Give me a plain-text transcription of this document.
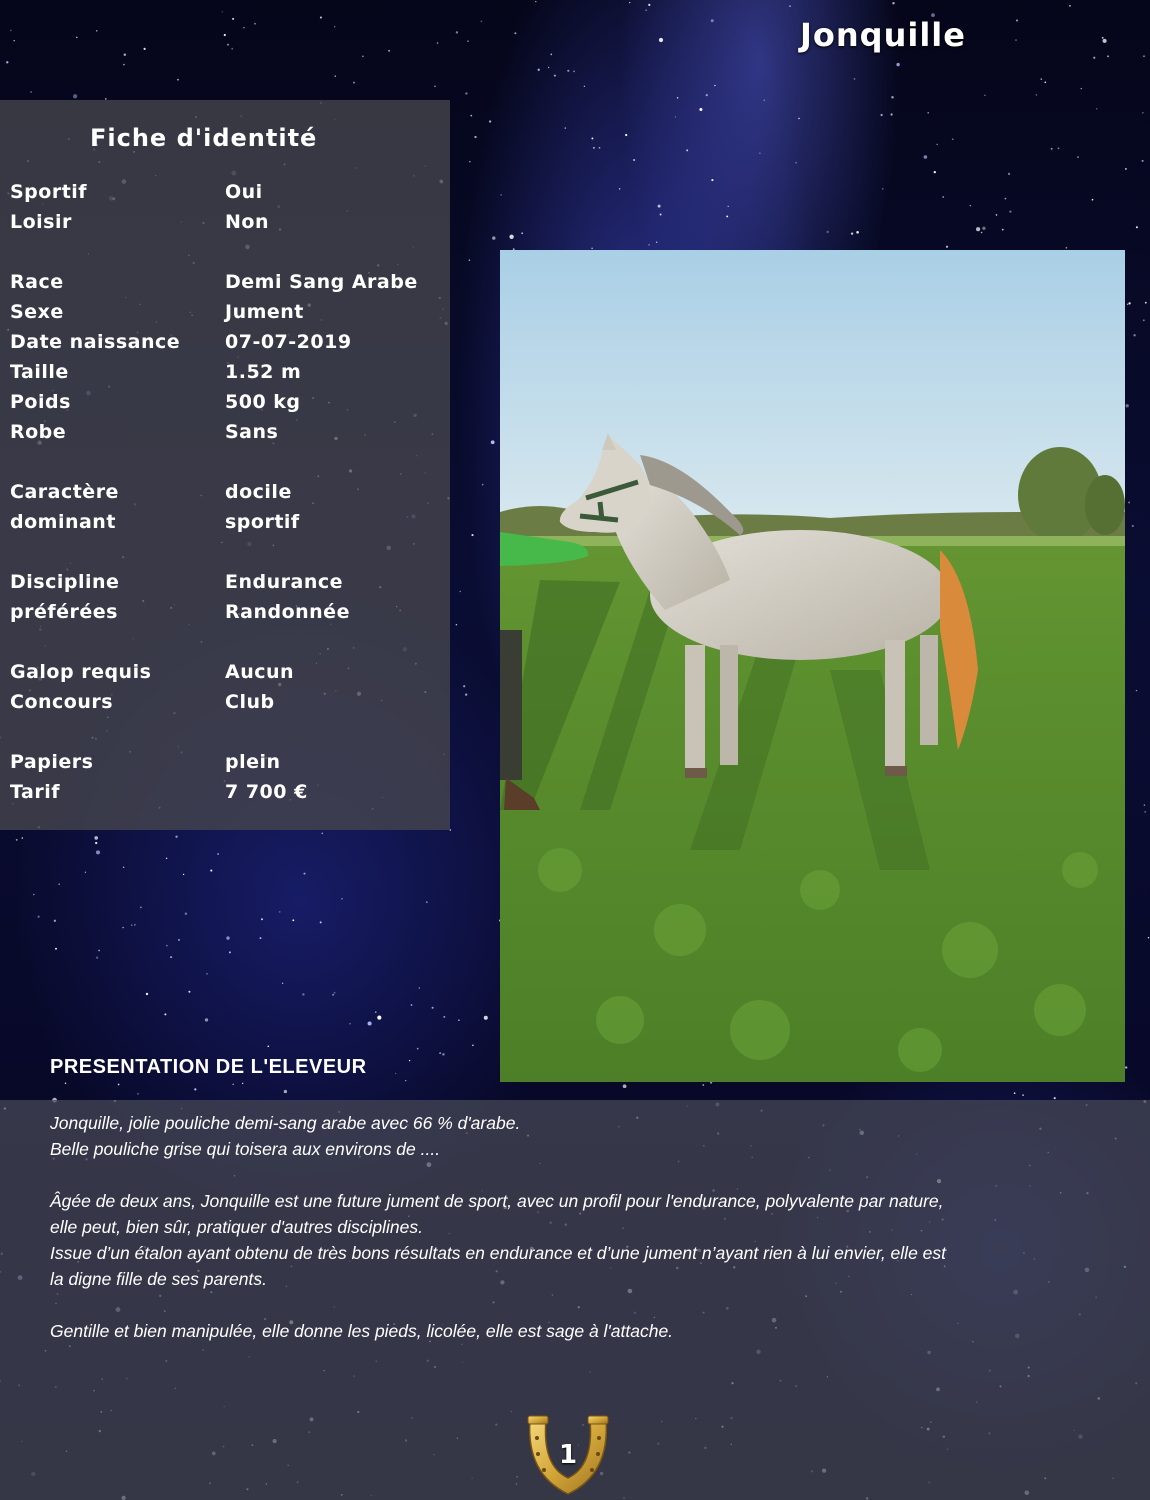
Jonquille
Fiche d'identité
Sportif	Oui
Loisir	Non
Race	Demi Sang Arabe
Sexe	Jument
Date naissance 07-07-2019
Taille	1.52 m
Poids	500 kg
Robe	Sans
Caractère	docile
dominant	sportif
Discipline	Endurance
préférées	Randonnée
Galop requis	Aucun
Concours	Club
Papiers	plein
Tarif	7 700 €
PRESENTATION DE L'ELEVEUR

Jonquille, jolie pouliche demi-sang arabe avec 66 % d'arabe.

Belle pouliche grise qui toisera aux environs de ....

Âgée de deux ans, Jonquille est une future jument de sport, avec un profil pour l'endurance, polyvalente par nature,

elle peut, bien sûr, pratiquer d'autres disciplines.

Issue d’un étalon ayant obtenu de très bons résultats en endurance et d’une jument n’ayant rien à lui envier, elle est

la digne fille de ses parents.

Gentille et bien manipulée, elle donne les pieds, licolée, elle est sage à l'attache.

1
